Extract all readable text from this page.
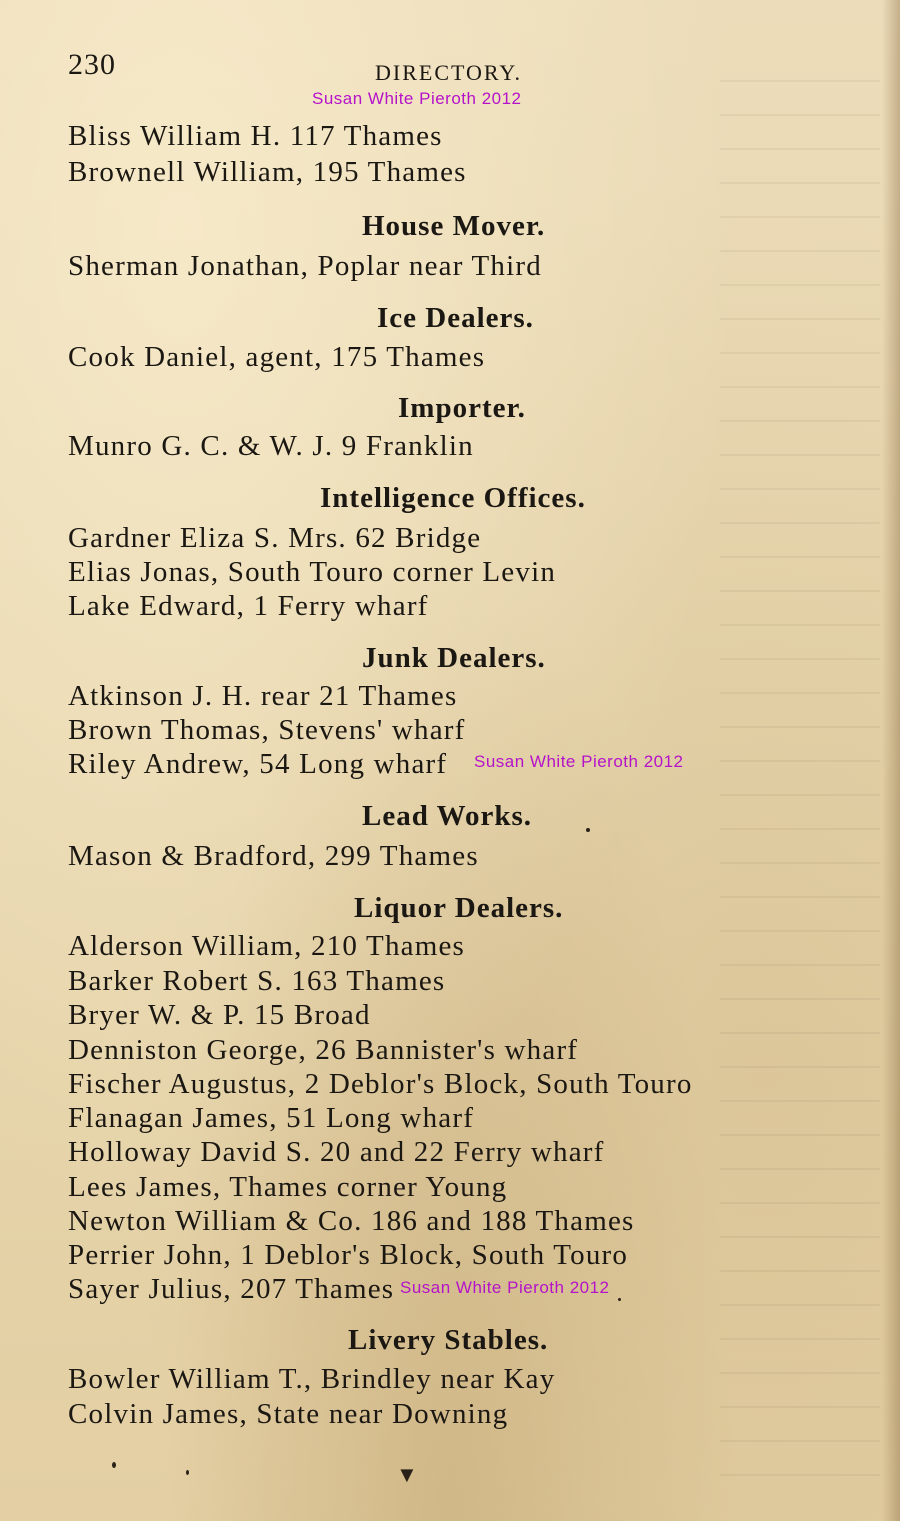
230	DIRECTORY.
Susan White Pieroth 2012
Bliss William H. 117 Thames
Brownell William, 195 Thames
House Mover.
Sherman Jonathan, Poplar near Third
Ice Dealers.
Cook Daniel, agent, 175 Thames
Importer.
Munro G. C. & W. J. 9 Franklin
Intelligence Offices.
Gardner Eliza S. Mrs. 62 Bridge
Elias Jonas, South Touro corner Levin
Lake Edward, 1 Ferry wharf
Junk Dealers.
Atkinson J. H. rear 21 Thames
Brown Thomas, Stevens' wharf
Riley Andrew, 54 Long wharf Susan White Pieroth 2012
Lead Works.
Mason & Bradford, 299 Thames
Liquor Dealers.
Alderson William, 210 Thames
Barker Robert S. 163 Thames
Bryer W. & P. 15 Broad
Denniston George, 26 Bannister's wharf
Fischer Augustus, 2 Deblor's Block, South Touro
Flanagan James, 51 Long wharf
Holloway David S. 20 and 22 Ferry wharf
Lees James, Thames corner Young
Newton William & Co. 186 and 188 Thames
Perrier John, 1 Deblor's Block, South Touro
Sayer Julius, 207 Thames Susan White Pieroth 2012
Livery Stables.
Bowler William T., Brindley near Kay
Colvin James, State near Downing
▼
